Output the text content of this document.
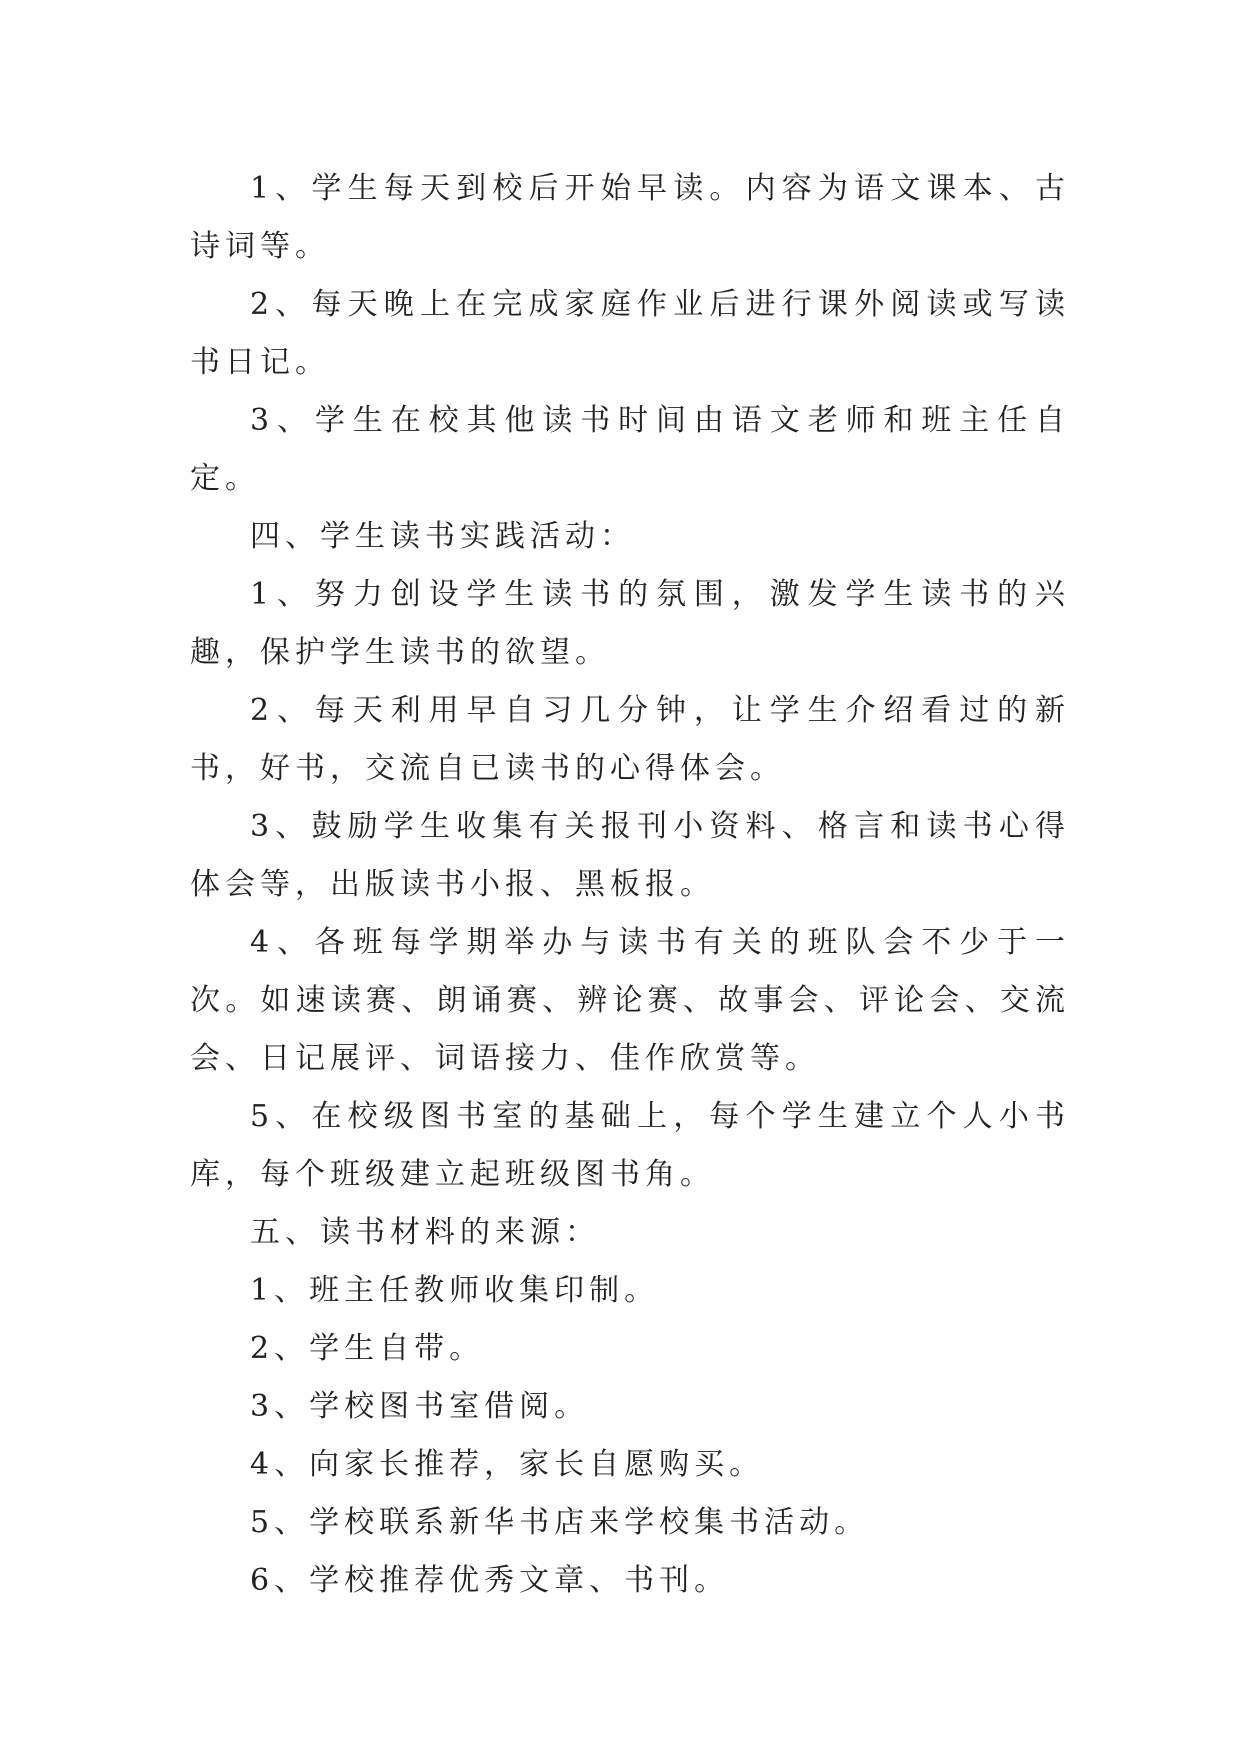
1、学生每天到校后开始早读。内容为语文课本、古诗词等。

2、每天晚上在完成家庭作业后进行课外阅读或写读书日记。

3、学生在校其他读书时间由语文老师和班主任自定。

四、学生读书实践活动：

1、努力创设学生读书的氛围，激发学生读书的兴趣，保护学生读书的欲望。

2、每天利用早自习几分钟，让学生介绍看过的新书，好书，交流自已读书的心得体会。

3、鼓励学生收集有关报刊小资料、格言和读书心得体会等，出版读书小报、黑板报。

4、各班每学期举办与读书有关的班队会不少于一次。如速读赛、朗诵赛、辨论赛、故事会、评论会、交流会、日记展评、词语接力、佳作欣赏等。

5、在校级图书室的基础上，每个学生建立个人小书库，每个班级建立起班级图书角。

五、读书材料的来源：

1、班主任教师收集印制。

2、学生自带。

3、学校图书室借阅。

4、向家长推荐，家长自愿购买。

5、学校联系新华书店来学校集书活动。

6、学校推荐优秀文章、书刊。
